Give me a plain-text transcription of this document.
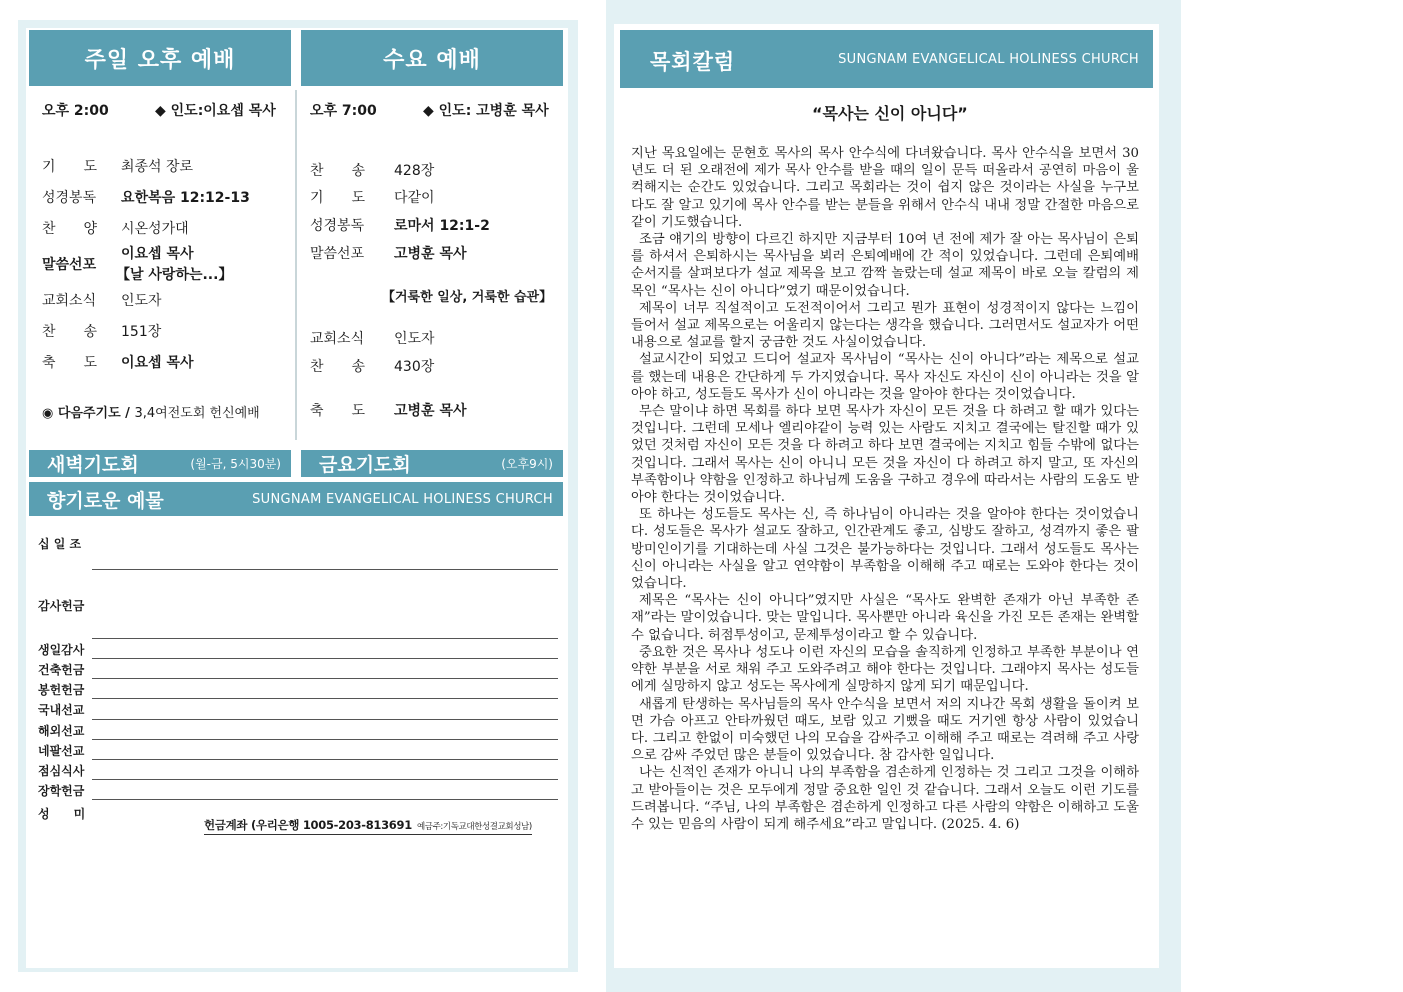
주일 오후 예배
오후 2:00	◆ 인도:이요셉 목사
기　　도 최종석 장로
성경봉독 요한복음 12:12-13
찬　　양 시온성가대
말씀선포
이요셉 목사
【날 사랑하는...】
교회소식 인도자
찬　　송 151장
축　　도 이요셉 목사
◉ 다음주기도 / 3,4여전도회 헌신예배
수요 예배
오후 7:00	◆ 인도: 고병훈 목사
찬　　송 428장
기　　도 다같이
성경봉독 로마서 12:1-2
말씀선포 고병훈 목사
【거룩한 일상, 거룩한 습관】
교회소식 인도자
찬　　송 430장
축　　도 고병훈 목사
새벽기도회	(월-금, 5시30분) 금요기도회	(오후9시)
향기로운 예물	SUNGNAM EVANGELICAL HOLINESS CHURCH
십 일 조
감사헌금
생일감사
건축헌금
봉헌헌금
국내선교
해외선교
네팔선교
점심식사
장학헌금
성　　미
헌금계좌 (우리은행 1005-203-813691 예금주:기독교대한성결교회성남)
목회칼럼	SUNGNAM EVANGELICAL HOLINESS CHURCH
“목사는 신이 아니다”

지난 목요일에는 문현호 목사의 목사 안수식에 다녀왔습니다. 목사 안수식을 보면서 30년도 더 된 오래전에 제가 목사 안수를 받을 때의 일이 문득 떠올라서 공연히 마음이 울컥해지는 순간도 있었습니다. 그리고 목회라는 것이 쉽지 않은 것이라는 사실을 누구보다도 잘 알고 있기에 목사 안수를 받는 분들을 위해서 안수식 내내 정말 간절한 마음으로 같이 기도했습니다.

조금 얘기의 방향이 다르긴 하지만 지금부터 10여 년 전에 제가 잘 아는 목사님이 은퇴를 하셔서 은퇴하시는 목사님을 뵈러 은퇴예배에 간 적이 있었습니다. 그런데 은퇴예배 순서지를 살펴보다가 설교 제목을 보고 깜짝 놀랐는데 설교 제목이 바로 오늘 칼럼의 제목인 “목사는 신이 아니다”였기 때문이었습니다.

제목이 너무 직설적이고 도전적이어서 그리고 뭔가 표현이 성경적이지 않다는 느낌이 들어서 설교 제목으로는 어울리지 않는다는 생각을 했습니다. 그러면서도 설교자가 어떤 내용으로 설교를 할지 궁금한 것도 사실이었습니다.

설교시간이 되었고 드디어 설교자 목사님이 “목사는 신이 아니다”라는 제목으로 설교를 했는데 내용은 간단하게 두 가지였습니다. 목사 자신도 자신이 신이 아니라는 것을 알아야 하고, 성도들도 목사가 신이 아니라는 것을 알아야 한다는 것이었습니다.

무슨 말이냐 하면 목회를 하다 보면 목사가 자신이 모든 것을 다 하려고 할 때가 있다는 것입니다. 그런데 모세나 엘리야같이 능력 있는 사람도 지치고 결국에는 탈진할 때가 있었던 것처럼 자신이 모든 것을 다 하려고 하다 보면 결국에는 지치고 힘들 수밖에 없다는 것입니다. 그래서 목사는 신이 아니니 모든 것을 자신이 다 하려고 하지 말고, 또 자신의 부족함이나 약함을 인정하고 하나님께 도움을 구하고 경우에 따라서는 사람의 도움도 받아야 한다는 것이었습니다.

또 하나는 성도들도 목사는 신, 즉 하나님이 아니라는 것을 알아야 한다는 것이었습니다. 성도들은 목사가 설교도 잘하고, 인간관계도 좋고, 심방도 잘하고, 성격까지 좋은 팔방미인이기를 기대하는데 사실 그것은 불가능하다는 것입니다. 그래서 성도들도 목사는 신이 아니라는 사실을 알고 연약함이 부족함을 이해해 주고 때로는 도와야 한다는 것이었습니다.

제목은 “목사는 신이 아니다”였지만 사실은 “목사도 완벽한 존재가 아닌 부족한 존재”라는 말이었습니다. 맞는 말입니다. 목사뿐만 아니라 육신을 가진 모든 존재는 완벽할 수 없습니다. 허점투성이고, 문제투성이라고 할 수 있습니다.

중요한 것은 목사나 성도나 이런 자신의 모습을 솔직하게 인정하고 부족한 부분이나 연약한 부분을 서로 채워 주고 도와주려고 해야 한다는 것입니다. 그래야지 목사는 성도들에게 실망하지 않고 성도는 목사에게 실망하지 않게 되기 때문입니다.

새롭게 탄생하는 목사님들의 목사 안수식을 보면서 저의 지나간 목회 생활을 돌이켜 보면 가슴 아프고 안타까웠던 때도, 보람 있고 기뻤을 때도 거기엔 항상 사람이 있었습니다. 그리고 한없이 미숙했던 나의 모습을 감싸주고 이해해 주고 때로는 격려해 주고 사랑으로 감싸 주었던 많은 분들이 있었습니다. 참 감사한 일입니다.

나는 신적인 존재가 아니니 나의 부족함을 겸손하게 인정하는 것 그리고 그것을 이해하고 받아들이는 것은 모두에게 정말 중요한 일인 것 같습니다. 그래서 오늘도 이런 기도를 드려봅니다. “주님, 나의 부족함은 겸손하게 인정하고 다른 사람의 약함은 이해하고 도울 수 있는 믿음의 사람이 되게 해주세요”라고 말입니다. (2025. 4. 6)
